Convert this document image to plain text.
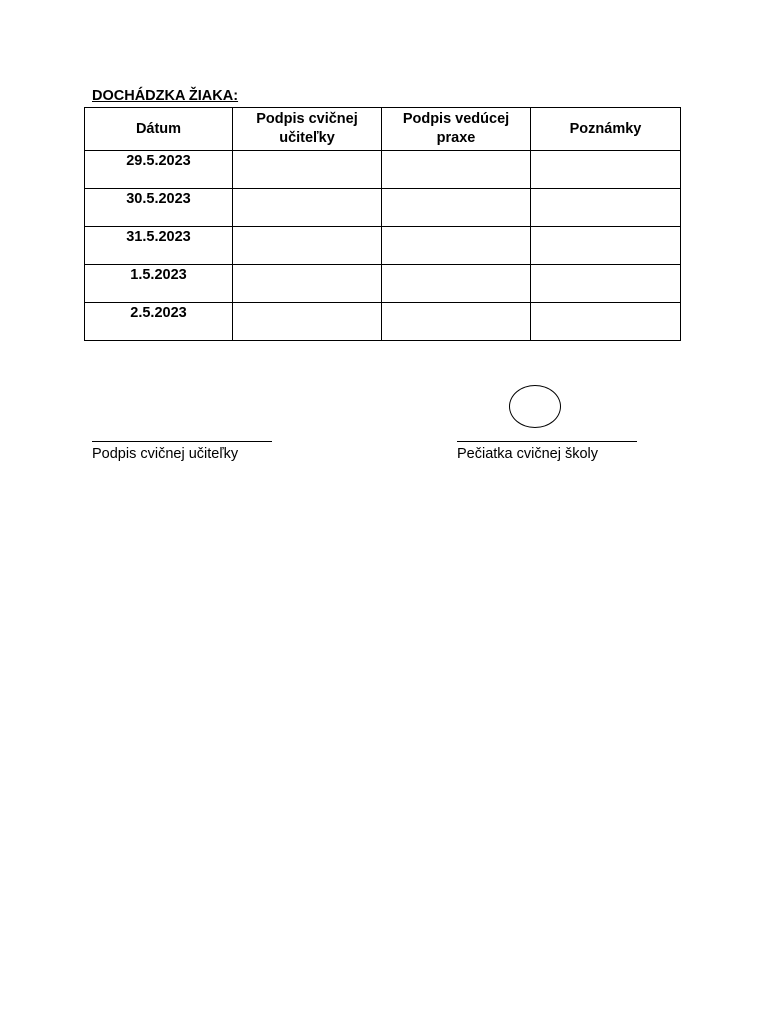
DOCHÁDZKA ŽIAKA:
Dátum	Podpis cvičnej učiteľky	Podpis vedúcej praxe	Poznámky
29.5.2023			
30.5.2023			
31.5.2023			
1.5.2023			
2.5.2023			
Podpis cvičnej učiteľky	Pečiatka cvičnej školy
